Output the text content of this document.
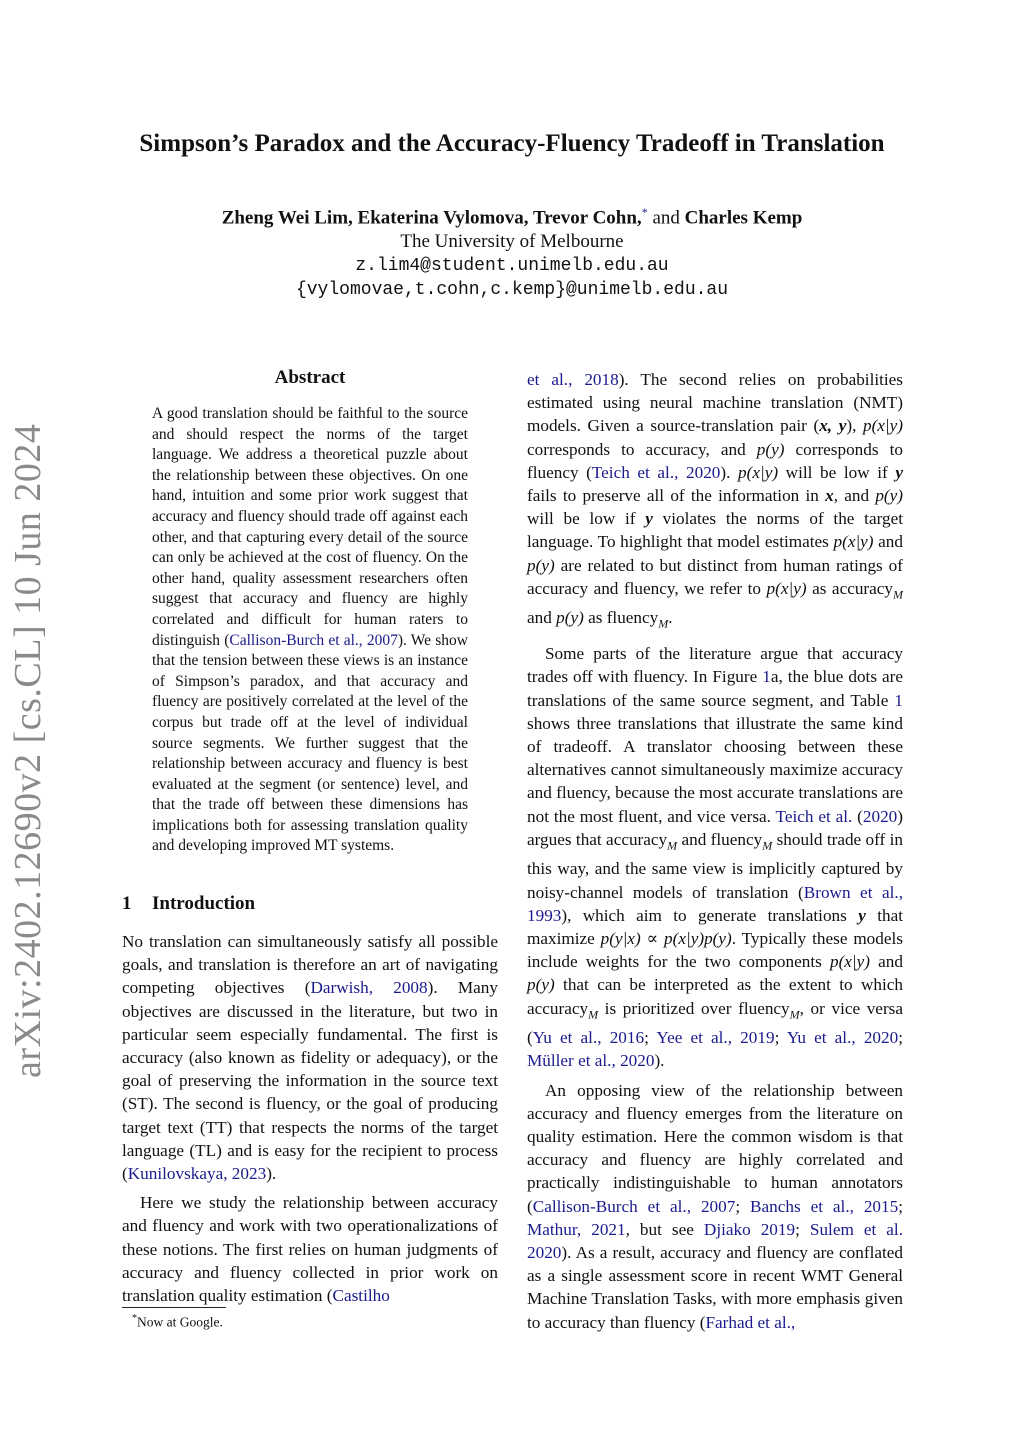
arXiv:2402.12690v2 [cs.CL] 10 Jun 2024
Simpson’s Paradox and the Accuracy-Fluency Tradeoff in Translation
Zheng Wei Lim, Ekaterina Vylomova, Trevor Cohn,* and Charles Kemp
The University of Melbourne
z.lim4@student.unimelb.edu.au
{vylomovae,t.cohn,c.kemp}@unimelb.edu.au
Abstract
A good translation should be faithful to the source and should respect the norms of the target language. We address a theoretical puzzle about the relationship between these objectives. On one hand, intuition and some prior work suggest that accuracy and fluency should trade off against each other, and that capturing every detail of the source can only be achieved at the cost of fluency. On the other hand, quality assessment researchers often suggest that accuracy and fluency are highly correlated and difficult for human raters to distinguish (Callison-Burch et al., 2007). We show that the tension between these views is an instance of Simpson’s paradox, and that accuracy and fluency are positively correlated at the level of the corpus but trade off at the level of individual source segments. We further suggest that the relationship between accuracy and fluency is best evaluated at the segment (or sentence) level, and that the trade off between these dimensions has implications both for assessing translation quality and developing improved MT systems.
1 Introduction

No translation can simultaneously satisfy all possible goals, and translation is therefore an art of navigating competing objectives (Darwish, 2008). Many objectives are discussed in the literature, but two in particular seem especially fundamental. The first is accuracy (also known as fidelity or adequacy), or the goal of preserving the information in the source text (ST). The second is fluency, or the goal of producing target text (TT) that respects the norms of the target language (TL) and is easy for the recipient to process (Kunilovskaya, 2023).

Here we study the relationship between accuracy and fluency and work with two operationalizations of these notions. The first relies on human judgments of accuracy and fluency collected in prior work on translation quality estimation (Castilho

et al., 2018). The second relies on probabilities estimated using neural machine translation (NMT) models. Given a source-translation pair (x, y), p(x|y) corresponds to accuracy, and p(y) corresponds to fluency (Teich et al., 2020). p(x|y) will be low if y fails to preserve all of the information in x, and p(y) will be low if y violates the norms of the target language. To highlight that model estimates p(x|y) and p(y) are related to but distinct from human ratings of accuracy and fluency, we refer to p(x|y) as accuracy$_M$ and p(y) as fluency$_M$.

Some parts of the literature argue that accuracy trades off with fluency. In Figure 1a, the blue dots are translations of the same source segment, and Table 1 shows three translations that illustrate the same kind of tradeoff. A translator choosing between these alternatives cannot simultaneously maximize accuracy and fluency, because the most accurate translations are not the most fluent, and vice versa. Teich et al. (2020) argues that accuracy$_M$ and fluency$_M$ should trade off in this way, and the same view is implicitly captured by noisy-channel models of translation (Brown et al., 1993), which aim to generate translations y that maximize p(y|x) ∝ p(x|y)p(y). Typically these models include weights for the two components p(x|y) and p(y) that can be interpreted as the extent to which accuracy$_M$ is prioritized over fluency$_M$, or vice versa (Yu et al., 2016; Yee et al., 2019; Yu et al., 2020; Müller et al., 2020).

An opposing view of the relationship between accuracy and fluency emerges from the literature on quality estimation. Here the common wisdom is that accuracy and fluency are highly correlated and practically indistinguishable to human annotators (Callison-Burch et al., 2007; Banchs et al., 2015; Mathur, 2021, but see Djiako 2019; Sulem et al. 2020). As a result, accuracy and fluency are conflated as a single assessment score in recent WMT General Machine Translation Tasks, with more emphasis given to accuracy than fluency (Farhad et al.,

*Now at Google.
